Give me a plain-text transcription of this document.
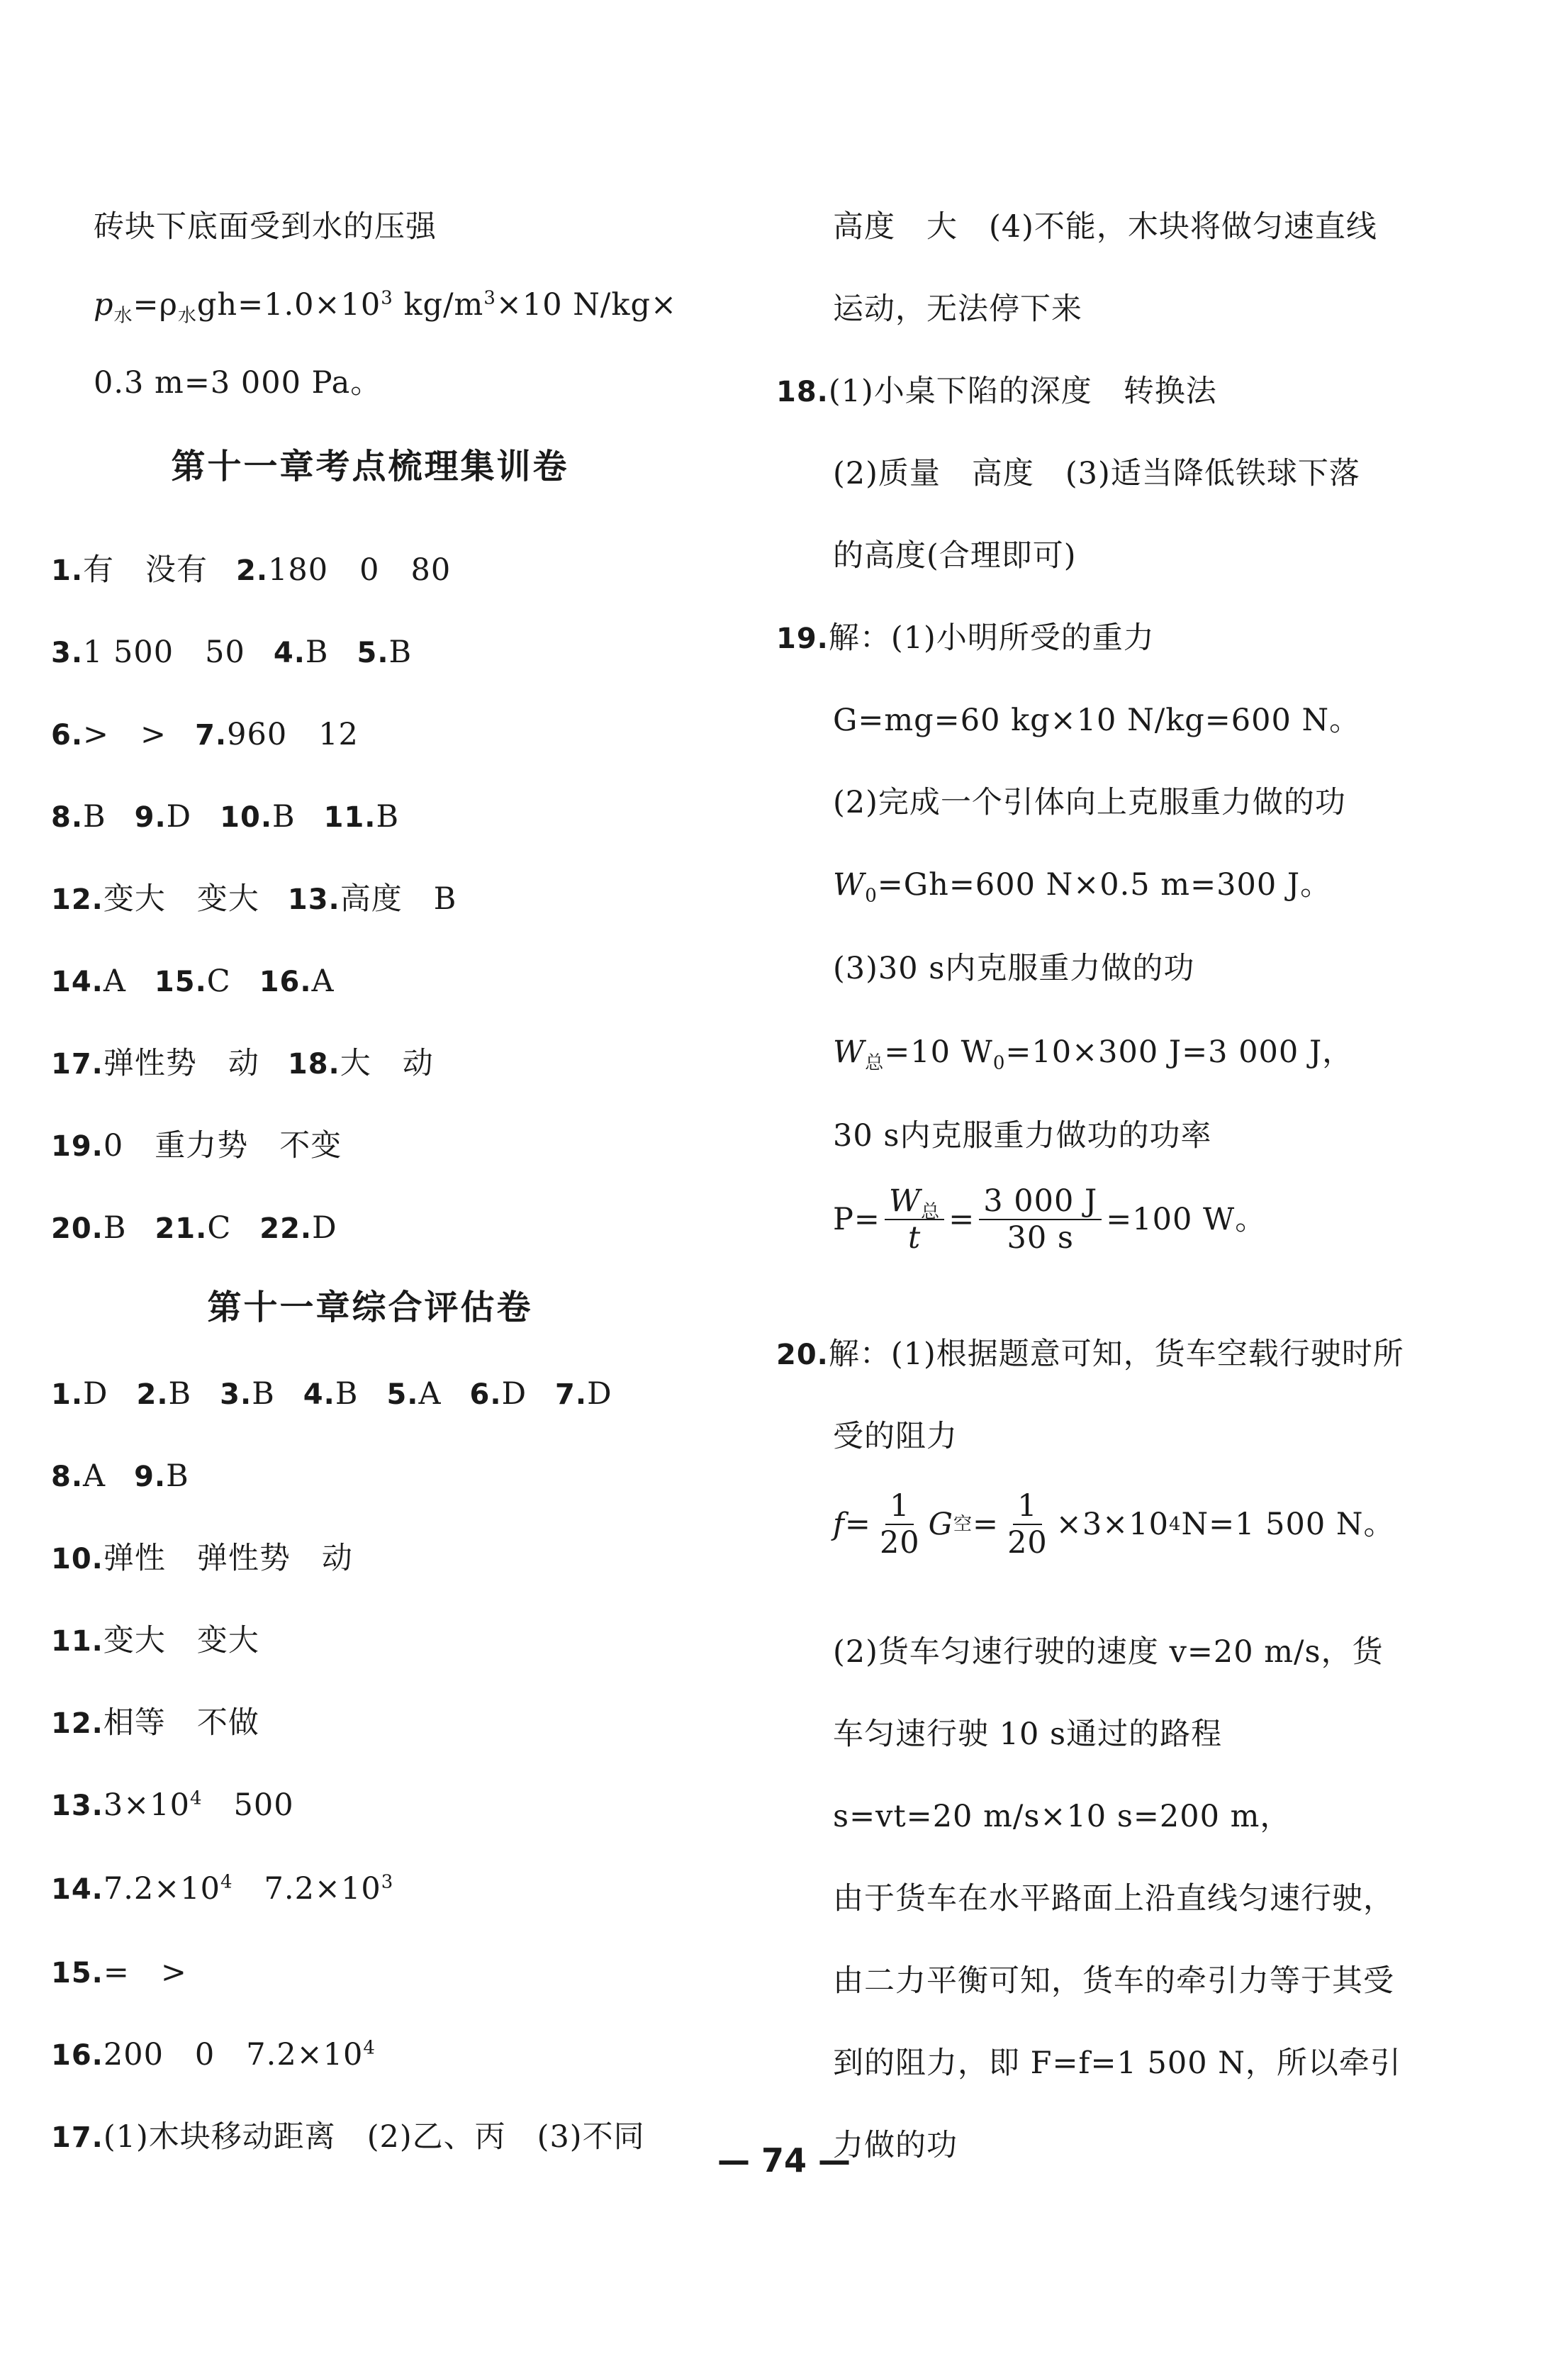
砖块下底面受到水的压强
$p_水=\rho_水gh=1.0\times 10^3$ $kg/m^3\times 10$ N/kg×
0.3 m=3 000 Pa。
第十一章考点梳理集训卷
1.有　没有 2.180　0　80
3.1 500　50 4.B 5.B
6.>　> 7.960　12
8.B 9.D 10.B 11.B
12.变大　变大 13.高度　B
14.A 15.C 16.A
17.弹性势　动 18.大　动
19.0　重力势　不变
20.B 21.C 22.D
第十一章综合评估卷
1.D 2.B 3.B 4.B 5.A 6.D 7.D
8.A 9.B
10.弹性　弹性势　动
11.变大　变大
12.相等　不做
$13.3\times 10^4$　500
$14.7.2\times 10^4$　$7.2\times 10^3$
15.=　>
16.200　0　$7.2\times 10^4$
17.(1)木块移动距离　(2)乙、丙　(3)不同
高度　大　(4)不能，木块将做匀速直线
运动，无法停下来
18.(1)小桌下陷的深度　转换法
(2)质量　高度　(3)适当降低铁球下落
的高度(合理即可)
19.解：(1)小明所受的重力
G=mg=60 kg×10 N/kg=600 N。
(2)完成一个引体向上克服重力做的功
$W_0=Gh=600$ N×0.5 m=300 J。
(3)30 s内克服重力做的功
$W_总=10$ $W_0=10\times 300$ J=3 000 J，
30 s内克服重力做功的功率
$P= \frac{W_总}{t} = \frac{3 000 J}{30 s} =100$ W。
20.解：(1)根据题意可知，货车空载行驶时所
受的阻力
$f= \frac{1}{20}$ G 空 = $\frac{1}{20} \times 3\times 10$ 4 N=1 500 N。
(2)货车匀速行驶的速度 v=20 m/s，货
车匀速行驶 10 s通过的路程
s=vt=20 m/s×10 s=200 m，
由于货车在水平路面上沿直线匀速行驶，
由二力平衡可知，货车的牵引力等于其受
到的阻力，即 F=f=1 500 N，所以牵引
力做的功
— 74 —
